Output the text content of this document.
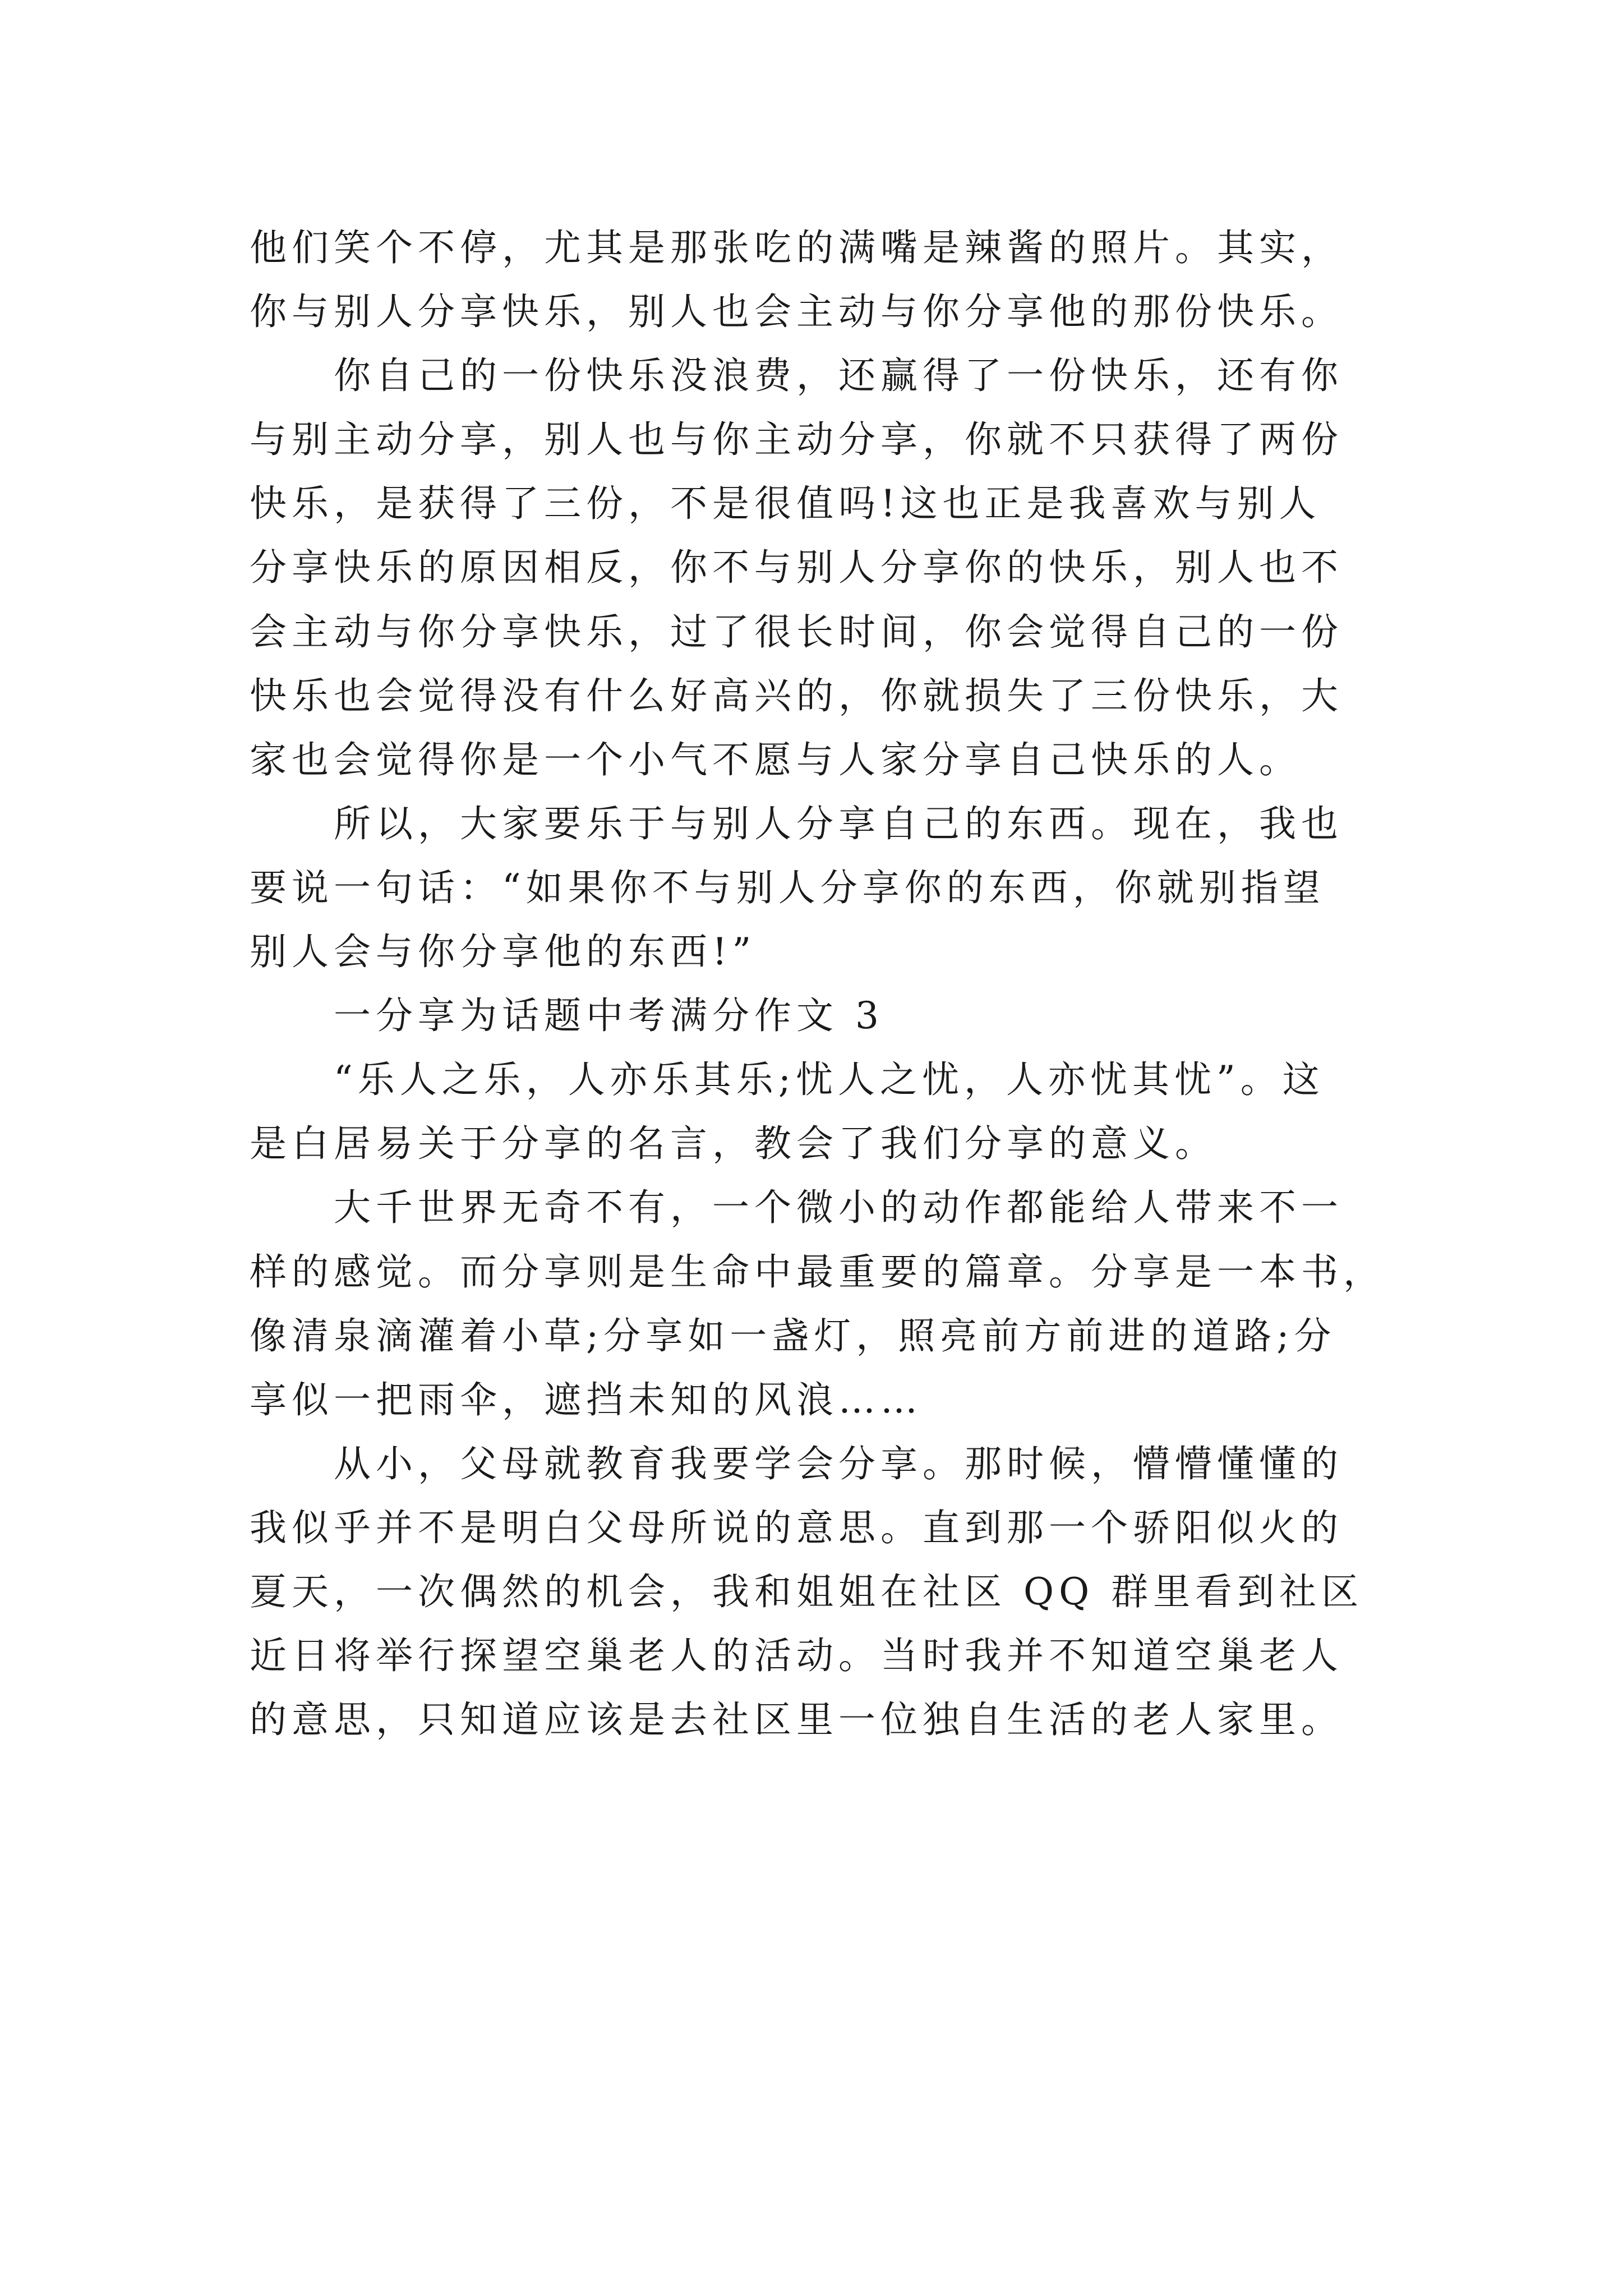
他们笑个不停，尤其是那张吃的满嘴是辣酱的照片。其实，
你与别人分享快乐，别人也会主动与你分享他的那份快乐。
你自己的一份快乐没浪费，还赢得了一份快乐，还有你
与别主动分享，别人也与你主动分享，你就不只获得了两份
快乐，是获得了三份，不是很值吗!这也正是我喜欢与别人
分享快乐的原因相反，你不与别人分享你的快乐，别人也不
会主动与你分享快乐，过了很长时间，你会觉得自己的一份
快乐也会觉得没有什么好高兴的，你就损失了三份快乐，大
家也会觉得你是一个小气不愿与人家分享自己快乐的人。
所以，大家要乐于与别人分享自己的东西。现在，我也
要说一句话：“如果你不与别人分享你的东西，你就别指望
别人会与你分享他的东西!”
一分享为话题中考满分作文 3
“乐人之乐，人亦乐其乐;忧人之忧，人亦忧其忧”。这
是白居易关于分享的名言，教会了我们分享的意义。
大千世界无奇不有，一个微小的动作都能给人带来不一
样的感觉。而分享则是生命中最重要的篇章。分享是一本书，
像清泉滴灌着小草;分享如一盏灯，照亮前方前进的道路;分
享似一把雨伞，遮挡未知的风浪……
从小，父母就教育我要学会分享。那时候，懵懵懂懂的
我似乎并不是明白父母所说的意思。直到那一个骄阳似火的
夏天，一次偶然的机会，我和姐姐在社区 QQ 群里看到社区
近日将举行探望空巢老人的活动。当时我并不知道空巢老人
的意思，只知道应该是去社区里一位独自生活的老人家里。
